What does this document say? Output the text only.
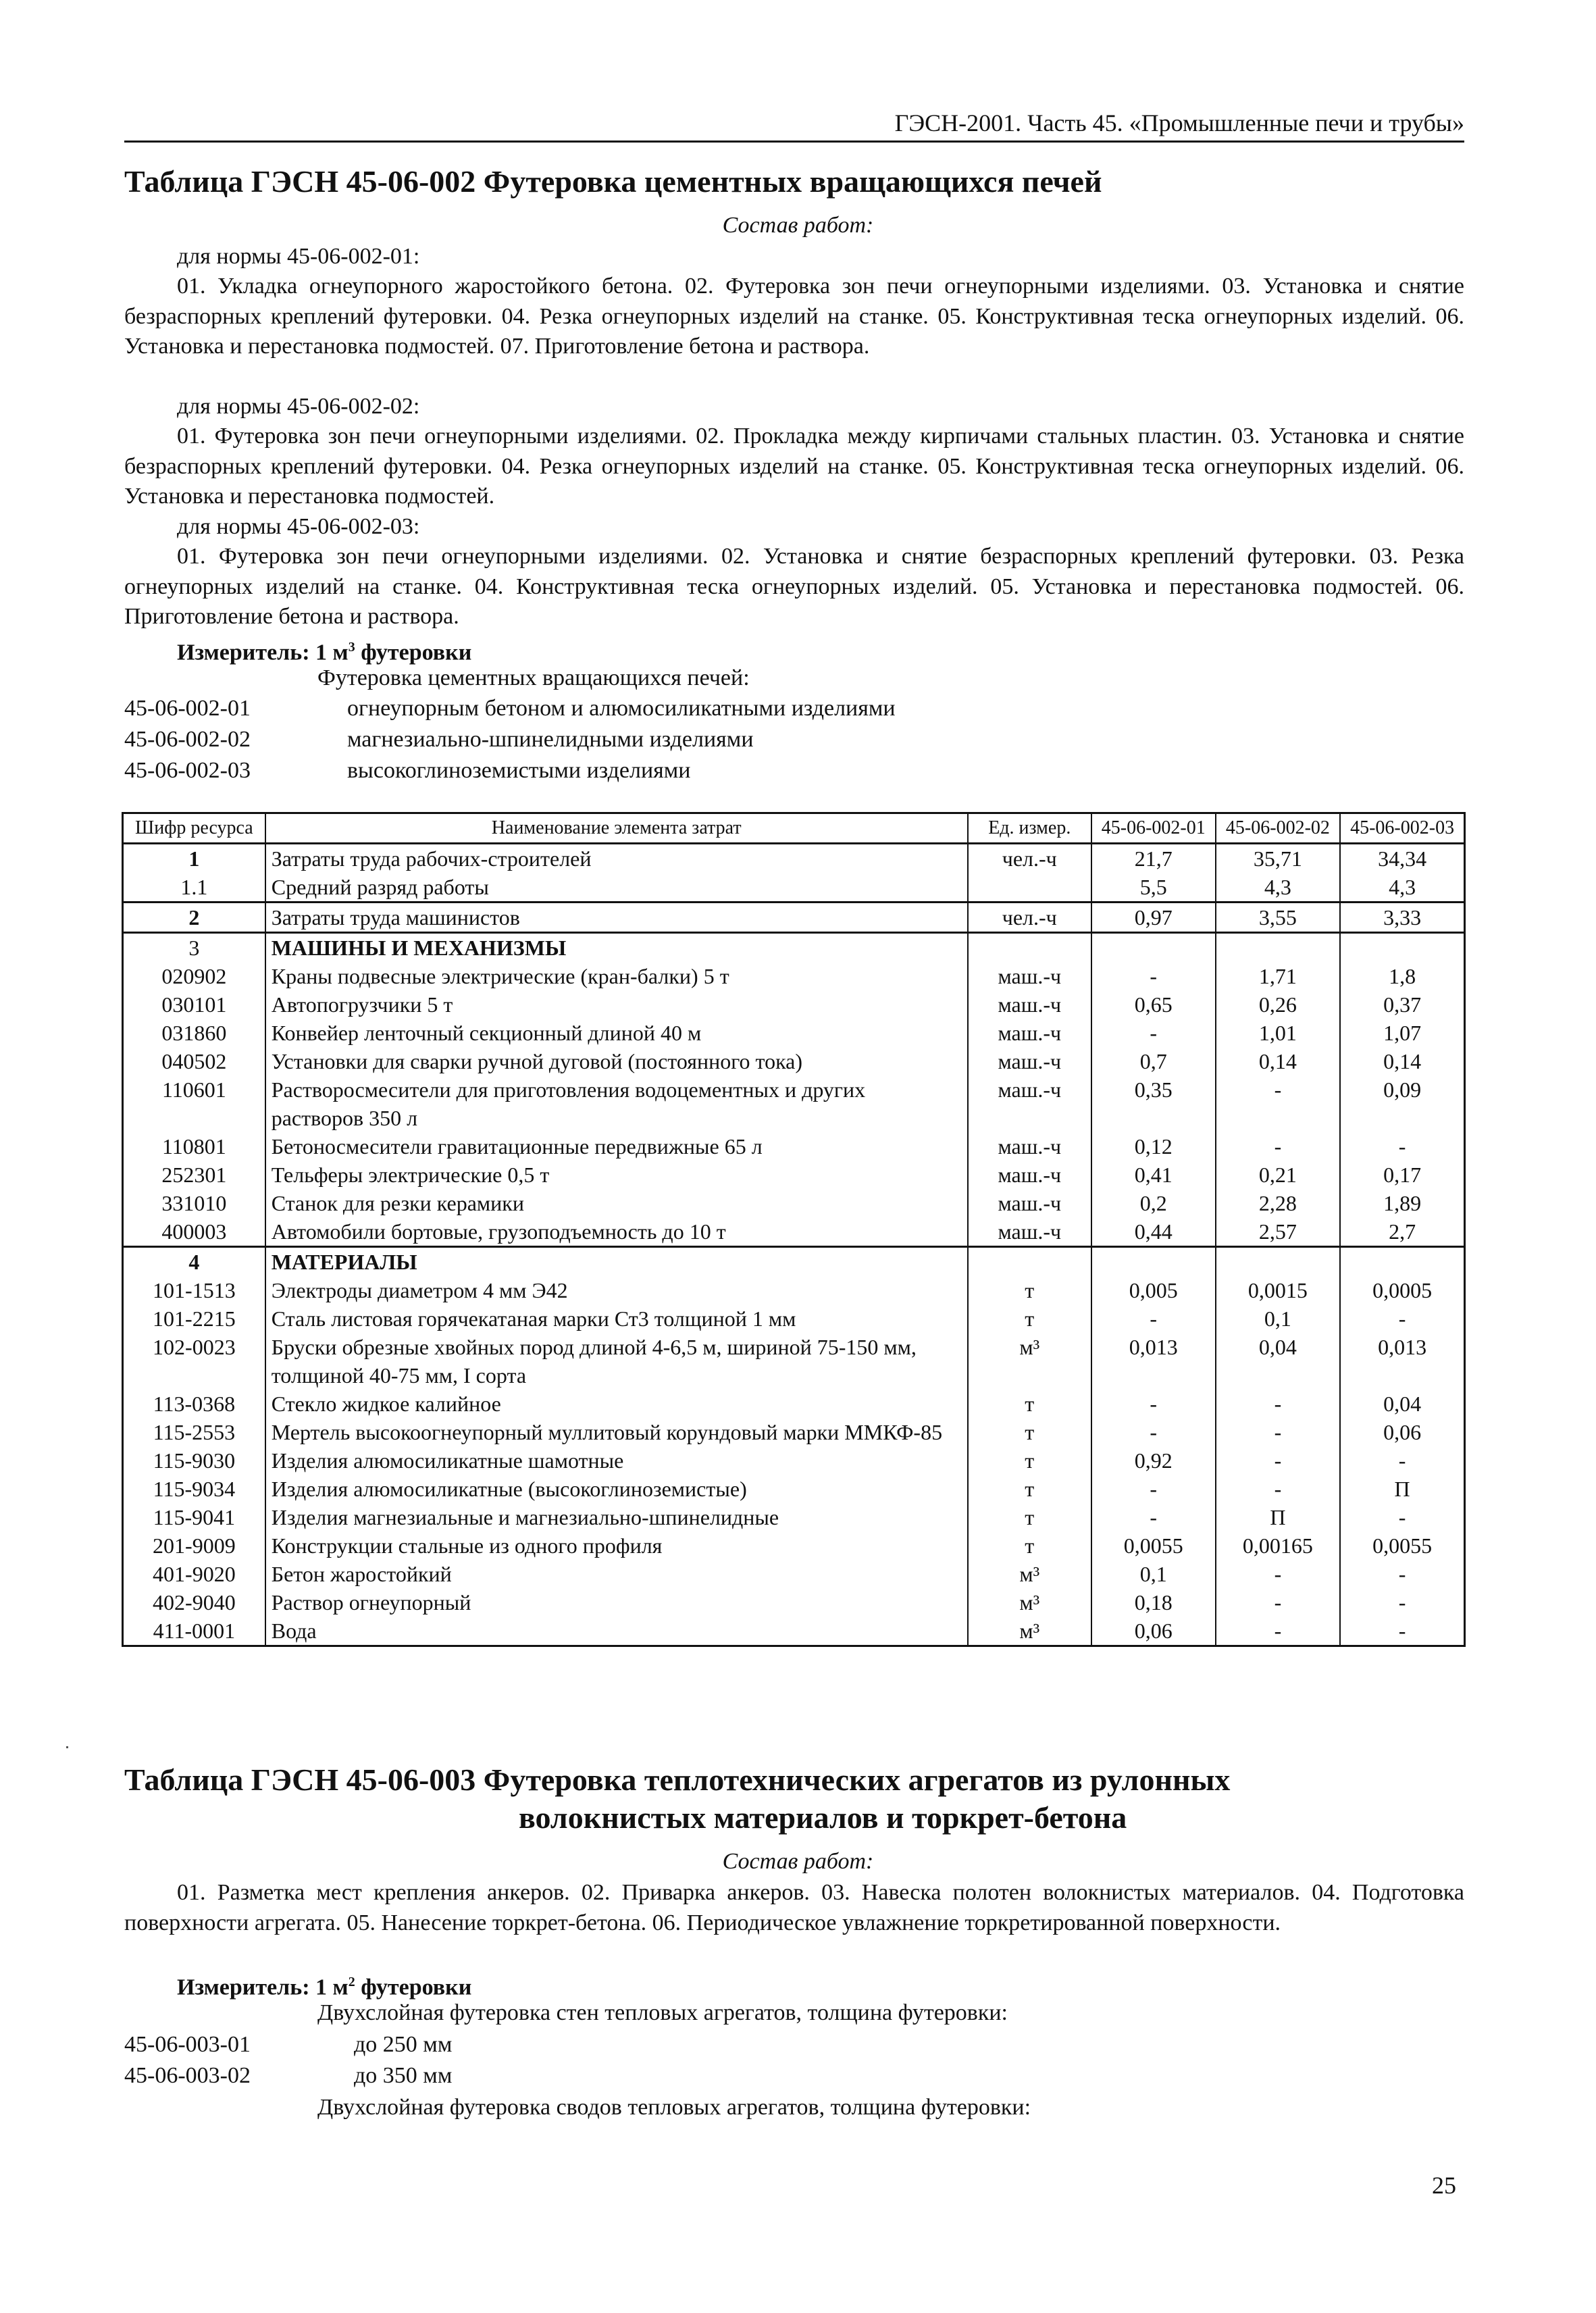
ГЭСН-2001. Часть 45. «Промышленные печи и трубы»
Таблица ГЭСН 45-06-002 Футеровка цементных вращающихся печей
Состав работ:
для нормы 45-06-002-01:
01. Укладка огнеупорного жаростойкого бетона. 02. Футеровка зон печи огнеупорными изделиями. 03. Установка и снятие безраспорных креплений футеровки. 04. Резка огнеупорных изделий на станке. 05. Конструктивная теска огнеупорных изделий. 06. Установка и перестановка подмостей. 07. Приготовление бетона и раствора.
для нормы 45-06-002-02:
01. Футеровка зон печи огнеупорными изделиями. 02. Прокладка между кирпичами стальных пластин. 03. Установка и снятие безраспорных креплений футеровки. 04. Резка огнеупорных изделий на станке. 05. Конструктивная теска огнеупорных изделий. 06. Установка и перестановка подмостей.
для нормы 45-06-002-03:
01. Футеровка зон печи огнеупорными изделиями. 02. Установка и снятие безраспорных креплений футеровки. 03. Резка огнеупорных изделий на станке. 04. Конструктивная теска огнеупорных изделий. 05. Установка и перестановка подмостей. 06. Приготовление бетона и раствора.
Измеритель: 1 $м^3$ футеровки
Футеровка цементных вращающихся печей:
45-06-002-01	огнеупорным бетоном и алюмосиликатными изделиями
45-06-002-02	магнезиально-шпинелидными изделиями
45-06-002-03	высокоглиноземистыми изделиями
Шифр ресурса	Наименование элемента затрат	Ед. измер.	45-06-002-01	45-06-002-02	45-06-002-03
1	Затраты труда рабочих-строителей	чел.-ч	21,7	35,71	34,34
1.1	Средний разряд работы		5,5	4,3	4,3
2	Затраты труда машинистов	чел.-ч	0,97	3,55	3,33
3	МАШИНЫ И МЕХАНИЗМЫ				
020902	Краны подвесные электрические (кран-балки) 5 т	маш.-ч	-	1,71	1,8
030101	Автопогрузчики 5 т	маш.-ч	0,65	0,26	0,37
031860	Конвейер ленточный секционный длиной 40 м	маш.-ч	-	1,01	1,07
040502	Установки для сварки ручной дуговой (постоянного тока)	маш.-ч	0,7	0,14	0,14
110601	Растворосмесители для приготовления водоцементных и других растворов 350 л	маш.-ч	0,35	-	0,09
110801	Бетоносмесители гравитационные передвижные 65 л	маш.-ч	0,12	-	-
252301	Тельферы электрические 0,5 т	маш.-ч	0,41	0,21	0,17
331010	Станок для резки керамики	маш.-ч	0,2	2,28	1,89
400003	Автомобили бортовые, грузоподъемность до 10 т	маш.-ч	0,44	2,57	2,7
4	МАТЕРИАЛЫ				
101-1513	Электроды диаметром 4 мм Э42	т	0,005	0,0015	0,0005
101-2215	Сталь листовая горячекатаная марки Ст3 толщиной 1 мм	т	-	0,1	-
102-0023	Бруски обрезные хвойных пород длиной 4-6,5 м, шириной 75-150 мм, толщиной 40-75 мм, I сорта	м³	0,013	0,04	0,013
113-0368	Стекло жидкое калийное	т	-	-	0,04
115-2553	Мертель высокоогнеупорный муллитовый корундовый марки ММКФ-85	т	-	-	0,06
115-9030	Изделия алюмосиликатные шамотные	т	0,92	-	-
115-9034	Изделия алюмосиликатные (высокоглиноземистые)	т	-	-	П
115-9041	Изделия магнезиальные и магнезиально-шпинелидные	т	-	П	-
201-9009	Конструкции стальные из одного профиля	т	0,0055	0,00165	0,0055
401-9020	Бетон жаростойкий	м³	0,1	-	-
402-9040	Раствор огнеупорный	м³	0,18	-	-
411-0001	Вода	м³	0,06	-	-
Таблица ГЭСН 45-06-003 Футеровка теплотехнических агрегатов из рулонных
волокнистых материалов и торкрет-бетона
Состав работ:
01. Разметка мест крепления анкеров. 02. Приварка анкеров. 03. Навеска полотен волокнистых материалов. 04. Подготовка поверхности агрегата. 05. Нанесение торкрет-бетона. 06. Периодическое увлажнение торкретированной поверхности.
Измеритель: 1 $м^2$ футеровки
Двухслойная футеровка стен тепловых агрегатов, толщина футеровки:
45-06-003-01	до 250 мм
45-06-003-02	до 350 мм
Двухслойная футеровка сводов тепловых агрегатов, толщина футеровки:
25
